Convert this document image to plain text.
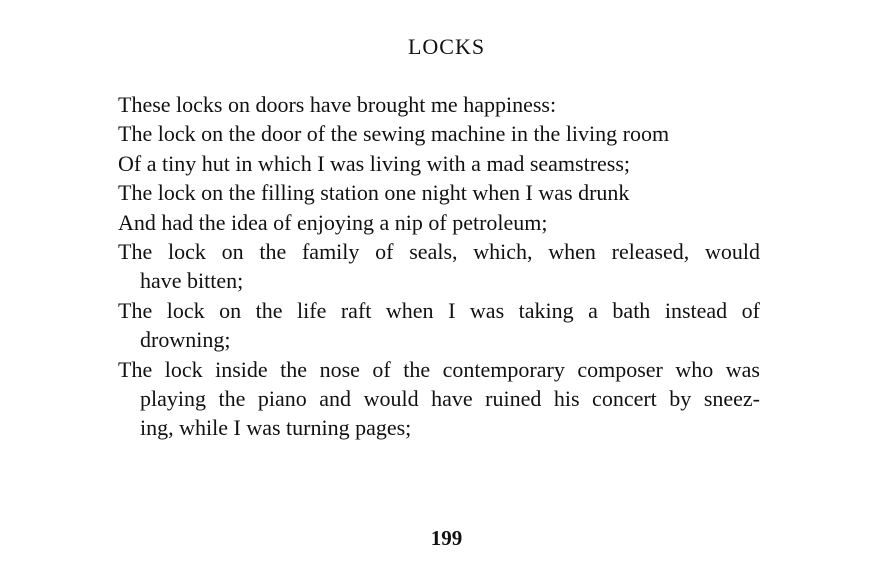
LOCKS
These locks on doors have brought me happiness:
The lock on the door of the sewing machine in the living room
Of a tiny hut in which I was living with a mad seamstress;
The lock on the filling station one night when I was drunk
And had the idea of enjoying a nip of petroleum;
The lock on the family of seals, which, when released, would
have bitten;
The lock on the life raft when I was taking a bath instead of
drowning;
The lock inside the nose of the contemporary composer who was
playing the piano and would have ruined his concert by sneez-
ing, while I was turning pages;
199
